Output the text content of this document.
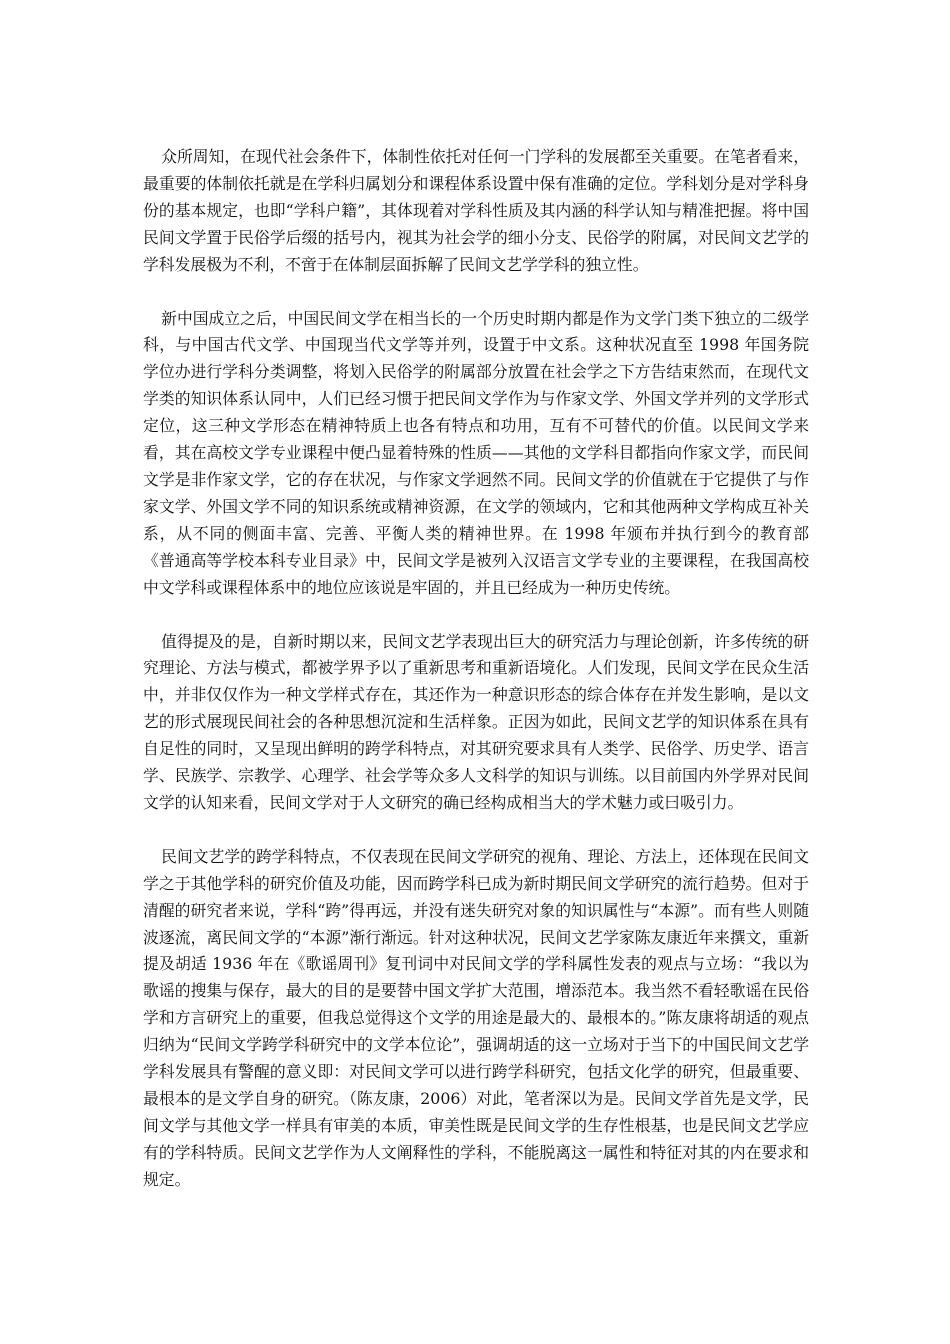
众所周知，在现代社会条件下，体制性依托对任何一门学科的发展都至关重要。在笔者看来，最重要的体制依托就是在学科归属划分和课程体系设置中保有准确的定位。学科划分是对学科身份的基本规定，也即“学科户籍”，其体现着对学科性质及其内涵的科学认知与精准把握。将中国民间文学置于民俗学后缀的括号内，视其为社会学的细小分支、民俗学的附属，对民间文艺学的学科发展极为不利，不啻于在体制层面拆解了民间文艺学学科的独立性。

新中国成立之后，中国民间文学在相当长的一个历史时期内都是作为文学门类下独立的二级学科，与中国古代文学、中国现当代文学等并列，设置于中文系。这种状况直至 1998 年国务院学位办进行学科分类调整，将划入民俗学的附属部分放置在社会学之下方告结束然而，在现代文学类的知识体系认同中，人们已经习惯于把民间文学作为与作家文学、外国文学并列的文学形式定位，这三种文学形态在精神特质上也各有特点和功用，互有不可替代的价值。以民间文学来看，其在高校文学专业课程中便凸显着特殊的性质——其他的文学科目都指向作家文学，而民间文学是非作家文学，它的存在状况，与作家文学迥然不同。民间文学的价值就在于它提供了与作家文学、外国文学不同的知识系统或精神资源，在文学的领域内，它和其他两种文学构成互补关系，从不同的侧面丰富、完善、平衡人类的精神世界。在 1998 年颁布并执行到今的教育部《普通高等学校本科专业目录》中，民间文学是被列入汉语言文学专业的主要课程，在我国高校中文学科或课程体系中的地位应该说是牢固的，并且已经成为一种历史传统。

值得提及的是，自新时期以来，民间文艺学表现出巨大的研究活力与理论创新，许多传统的研究理论、方法与模式，都被学界予以了重新思考和重新语境化。人们发现，民间文学在民众生活中，并非仅仅作为一种文学样式存在，其还作为一种意识形态的综合体存在并发生影响，是以文艺的形式展现民间社会的各种思想沉淀和生活样象。正因为如此，民间文艺学的知识体系在具有自足性的同时，又呈现出鲜明的跨学科特点，对其研究要求具有人类学、民俗学、历史学、语言学、民族学、宗教学、心理学、社会学等众多人文科学的知识与训练。以目前国内外学界对民间文学的认知来看，民间文学对于人文研究的确已经构成相当大的学术魅力或曰吸引力。

民间文艺学的跨学科特点，不仅表现在民间文学研究的视角、理论、方法上，还体现在民间文学之于其他学科的研究价值及功能，因而跨学科已成为新时期民间文学研究的流行趋势。但对于清醒的研究者来说，学科“跨”得再远，并没有迷失研究对象的知识属性与“本源”。而有些人则随波逐流，离民间文学的“本源”渐行渐远。针对这种状况，民间文艺学家陈友康近年来撰文，重新提及胡适 1936 年在《歌谣周刊》复刊词中对民间文学的学科属性发表的观点与立场：“我以为歌谣的搜集与保存，最大的目的是要替中国文学扩大范围，增添范本。我当然不看轻歌谣在民俗学和方言研究上的重要，但我总觉得这个文学的用途是最大的、最根本的。”陈友康将胡适的观点归纳为“民间文学跨学科研究中的文学本位论”，强调胡适的这一立场对于当下的中国民间文艺学学科发展具有警醒的意义即：对民间文学可以进行跨学科研究，包括文化学的研究，但最重要、最根本的是文学自身的研究。（陈友康，2006）对此，笔者深以为是。民间文学首先是文学，民间文学与其他文学一样具有审美的本质，审美性既是民间文学的生存性根基，也是民间文艺学应有的学科特质。民间文艺学作为人文阐释性的学科，不能脱离这一属性和特征对其的内在要求和规定。
